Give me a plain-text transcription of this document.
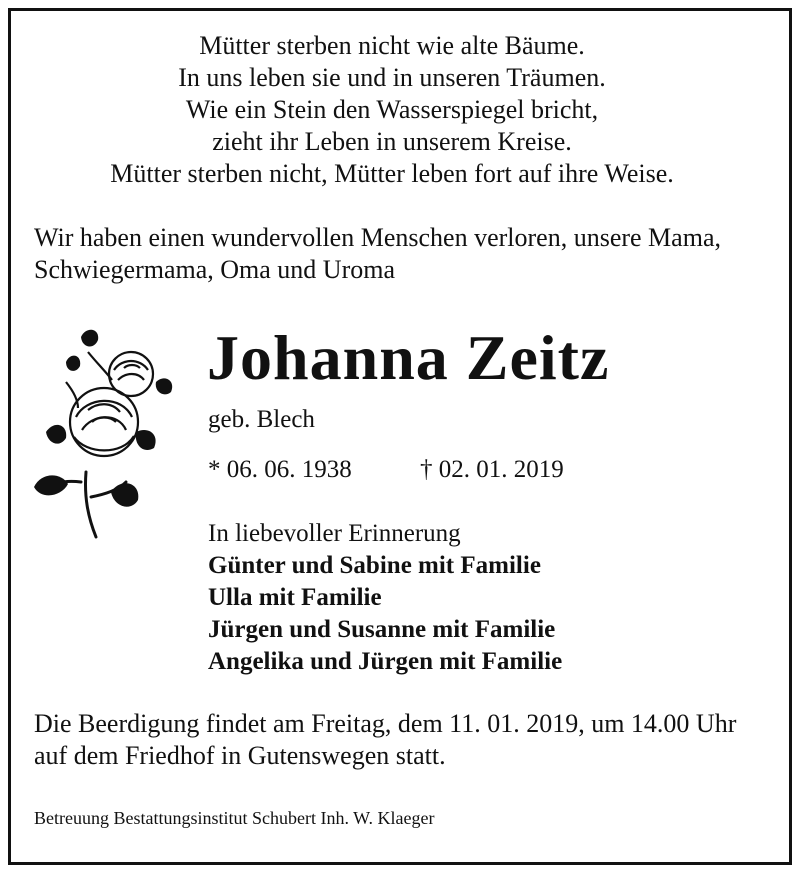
Mütter sterben nicht wie alte Bäume.
In uns leben sie und in unseren Träumen.
Wie ein Stein den Wasserspiegel bricht,
zieht ihr Leben in unserem Kreise.
Mütter sterben nicht, Mütter leben fort auf ihre Weise.
Wir haben einen wundervollen Menschen verloren, unsere Mama, Schwiegermama, Oma und Uroma
Johanna Zeitz
geb. Blech
* 06. 06. 1938	† 02. 01. 2019
In liebevoller Erinnerung
Günter und Sabine mit Familie
Ulla mit Familie
Jürgen und Susanne mit Familie
Angelika und Jürgen mit Familie
Die Beerdigung findet am Freitag, dem 11. 01. 2019, um 14.00 Uhr
auf dem Friedhof in Gutenswegen statt.
Betreuung Bestattungsinstitut Schubert Inh. W. Klaeger
